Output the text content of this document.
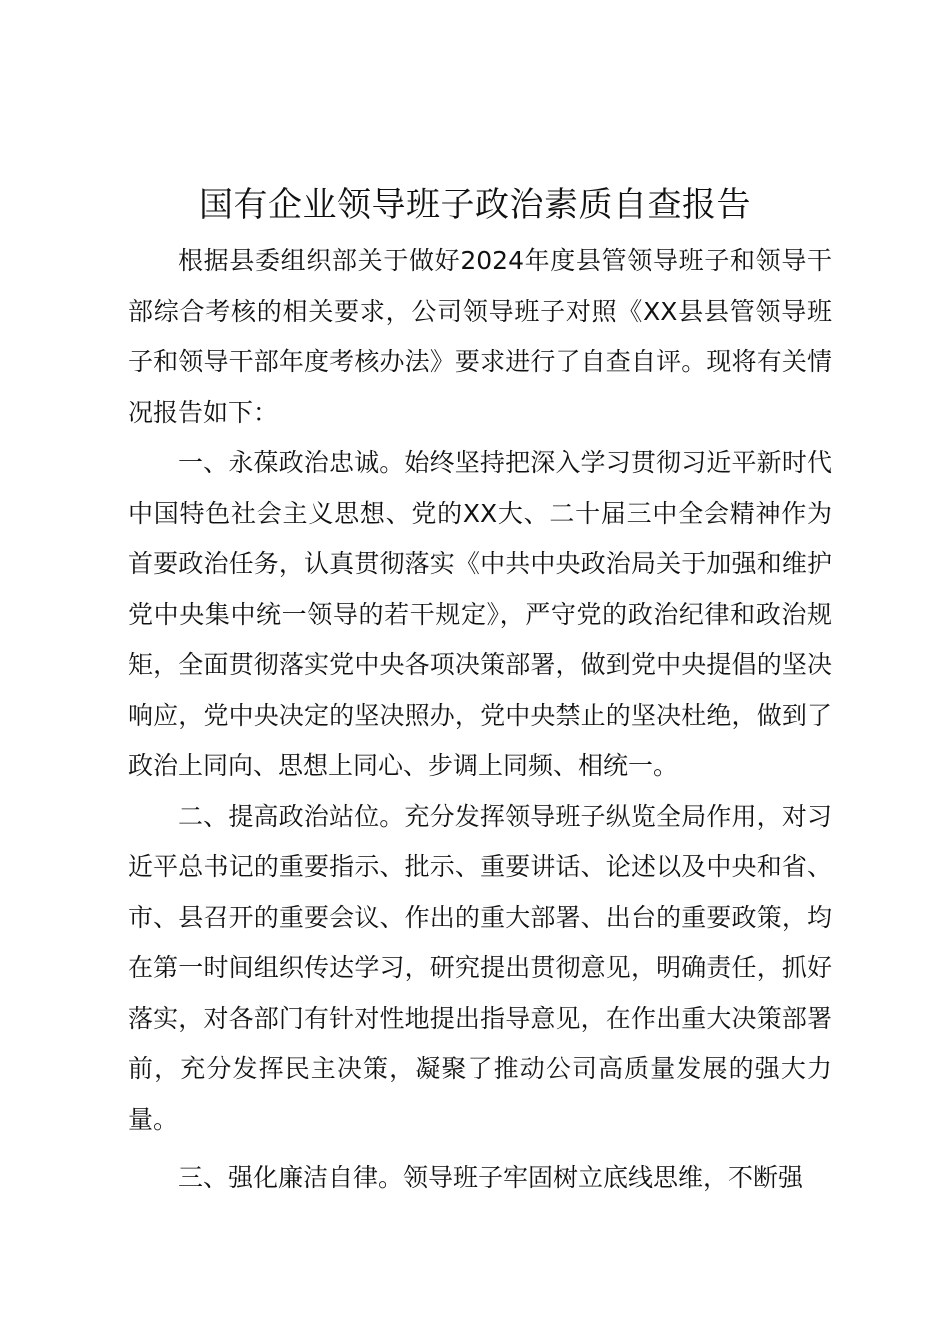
国有企业领导班子政治素质自查报告

根据县委组织部关于做好2024年度县管领导班子和领导干部综合考核的相关要求，公司领导班子对照《XX县县管领导班子和领导干部年度考核办法》要求进行了自查自评。现将有关情况报告如下：

一、永葆政治忠诚。始终坚持把深入学习贯彻习近平新时代中国特色社会主义思想、党的XX大、二十届三中全会精神作为首要政治任务，认真贯彻落实《中共中央政治局关于加强和维护党中央集中统一领导的若干规定》，严守党的政治纪律和政治规矩，全面贯彻落实党中央各项决策部署，做到党中央提倡的坚决响应，党中央决定的坚决照办，党中央禁止的坚决杜绝，做到了政治上同向、思想上同心、步调上同频、相统一。

二、提高政治站位。充分发挥领导班子纵览全局作用，对习近平总书记的重要指示、批示、重要讲话、论述以及中央和省、市、县召开的重要会议、作出的重大部署、出台的重要政策，均在第一时间组织传达学习，研究提出贯彻意见，明确责任，抓好落实，对各部门有针对性地提出指导意见，在作出重大决策部署前，充分发挥民主决策，凝聚了推动公司高质量发展的强大力量。

三、强化廉洁自律。领导班子牢固树立底线思维，不断强
